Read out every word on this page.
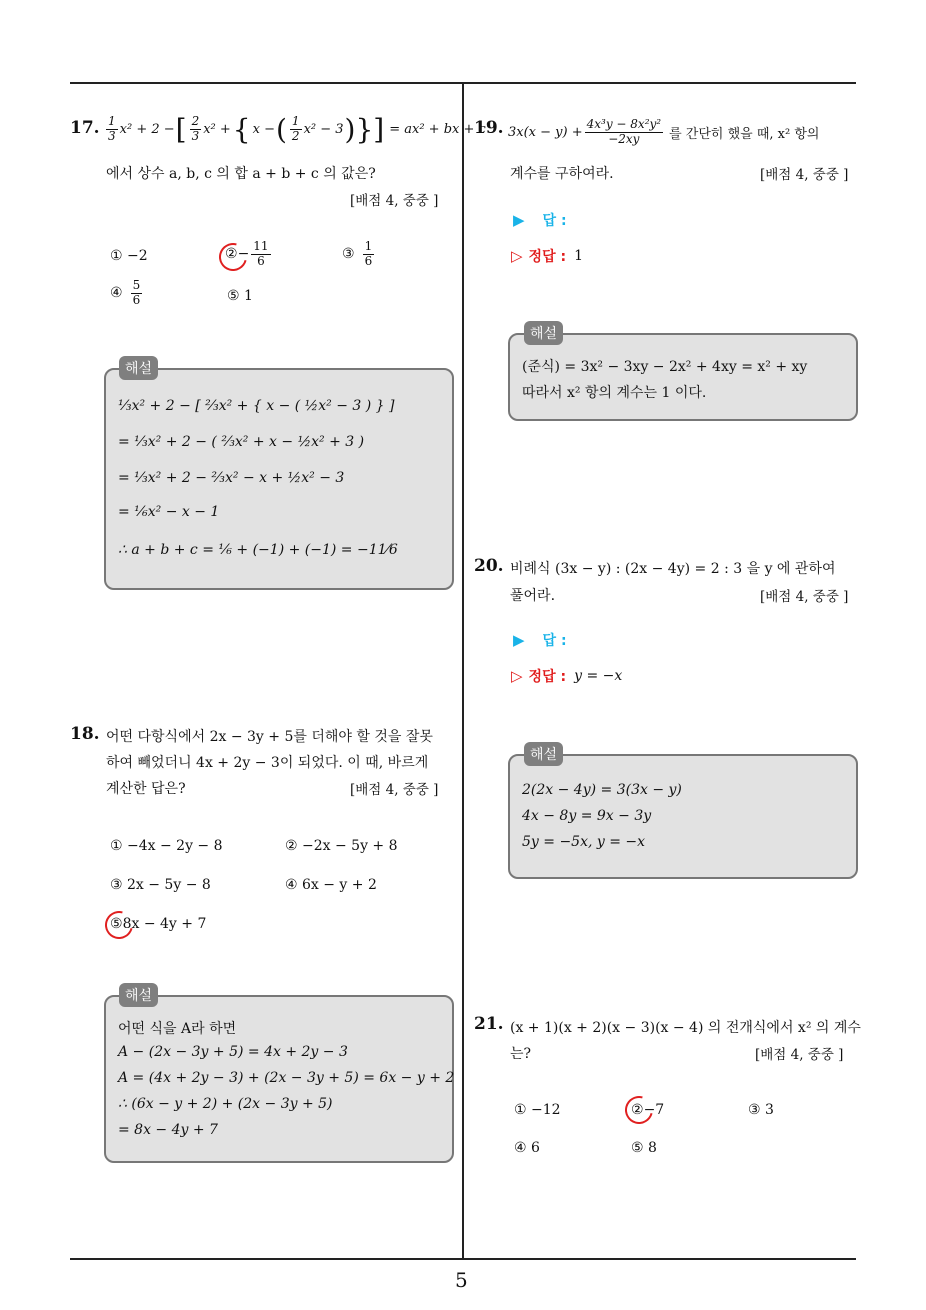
5
17. $\frac{1}{3} x^2 + 2$ − [ $\frac{2}{3} x^2$ + { x − ( $\frac{1}{2} x^2 - 3$ )}] = ax² + bx + c
에서 상수 a, b, c 의 합 a + b + c 의 값은?
[배점 4, 중중 ]
① −2	② − $\frac{11}{6}$	③ $\frac{1}{6}$
④ $\frac{5}{6}$	⑤ 1
해설
⅓x² + 2 − [ ⅔x² + { x − ( ½x² − 3 ) } ]
= ⅓x² + 2 − ( ⅔x² + x − ½x² + 3 )
= ⅓x² + 2 − ⅔x² − x + ½x² − 3
= ⅙x² − x − 1
∴ a + b + c = ⅙ + (−1) + (−1) = −11⁄6
18. 어떤 다항식에서 2x − 3y + 5를 더해야 할 것을 잘못
하여 빼었더니 4x + 2y − 3이 되었다. 이 때, 바르게
계산한 답은?	[배점 4, 중중 ]
① −4x − 2y − 8	② −2x − 5y + 8
③ 2x − 5y − 8	④ 6x − y + 2
⑤8x − 4y + 7
해설
어떤 식을 A라 하면
A − (2x − 3y + 5) = 4x + 2y − 3
A = (4x + 2y − 3) + (2x − 3y + 5) = 6x − y + 2
∴ (6x − y + 2) + (2x − 3y + 5)
= 8x − 4y + 7
19. $3x(x - y) + \frac{\text{4x³y − 8x²y²}}{-2xy}$ 를 간단히 했을 때, x² 항의
계수를 구하여라.	[배점 4, 중중 ]
▶ 답 :
▷ 정답 : 1
해설
(준식) = 3x² − 3xy − 2x² + 4xy = x² + xy
따라서 x² 항의 계수는 1 이다.
20. 비례식 (3x − y) : (2x − 4y) = 2 : 3 을 y 에 관하여
풀어라.	[배점 4, 중중 ]
▶ 답 :
▷ 정답 : y = −x
해설
2(2x − 4y) = 3(3x − y)
4x − 8y = 9x − 3y
5y = −5x, y = −x
21. (x + 1)(x + 2)(x − 3)(x − 4) 의 전개식에서 x² 의 계수
는?	[배점 4, 중중 ]
① −12	②−7	③ 3
④ 6	⑤ 8
